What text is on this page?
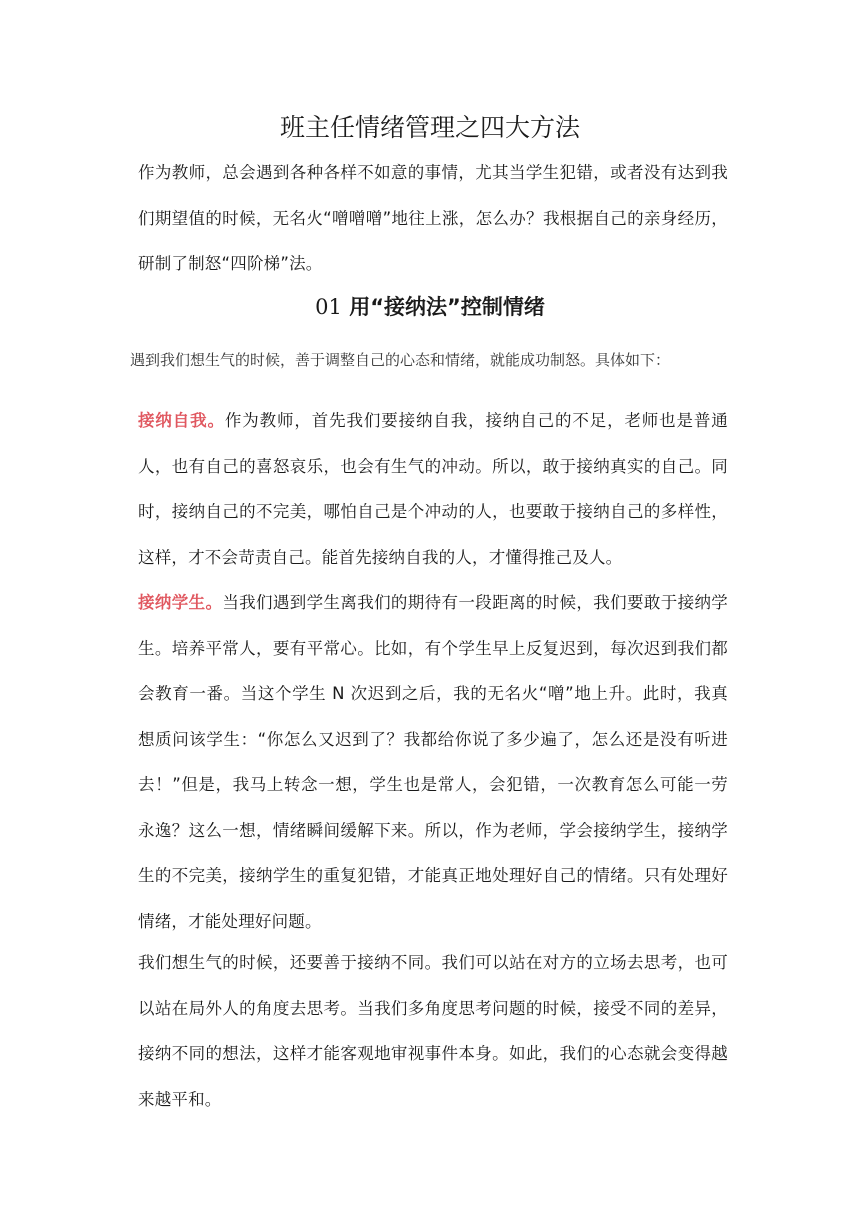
班主任情绪管理之四大方法

作为教师，总会遇到各种各样不如意的事情，尤其当学生犯错，或者没有达到我们期望值的时候，无名火“噌噌噌”地往上涨，怎么办？我根据自己的亲身经历，研制了制怒“四阶梯”法。

01 用“接纳法”控制情绪

遇到我们想生气的时候，善于调整自己的心态和情绪，就能成功制怒。具体如下：

接纳自我。作为教师，首先我们要接纳自我，接纳自己的不足，老师也是普通人，也有自己的喜怒哀乐，也会有生气的冲动。所以，敢于接纳真实的自己。同时，接纳自己的不完美，哪怕自己是个冲动的人，也要敢于接纳自己的多样性，这样，才不会苛责自己。能首先接纳自我的人，才懂得推己及人。

接纳学生。当我们遇到学生离我们的期待有一段距离的时候，我们要敢于接纳学生。培养平常人，要有平常心。比如，有个学生早上反复迟到，每次迟到我们都会教育一番。当这个学生 N 次迟到之后，我的无名火“噌”地上升。此时，我真想质问该学生：“你怎么又迟到了？我都给你说了多少遍了，怎么还是没有听进去！”但是，我马上转念一想，学生也是常人，会犯错，一次教育怎么可能一劳永逸？这么一想，情绪瞬间缓解下来。所以，作为老师，学会接纳学生，接纳学生的不完美，接纳学生的重复犯错，才能真正地处理好自己的情绪。只有处理好情绪，才能处理好问题。

我们想生气的时候，还要善于接纳不同。我们可以站在对方的立场去思考，也可以站在局外人的角度去思考。当我们多角度思考问题的时候，接受不同的差异，接纳不同的想法，这样才能客观地审视事件本身。如此，我们的心态就会变得越来越平和。
